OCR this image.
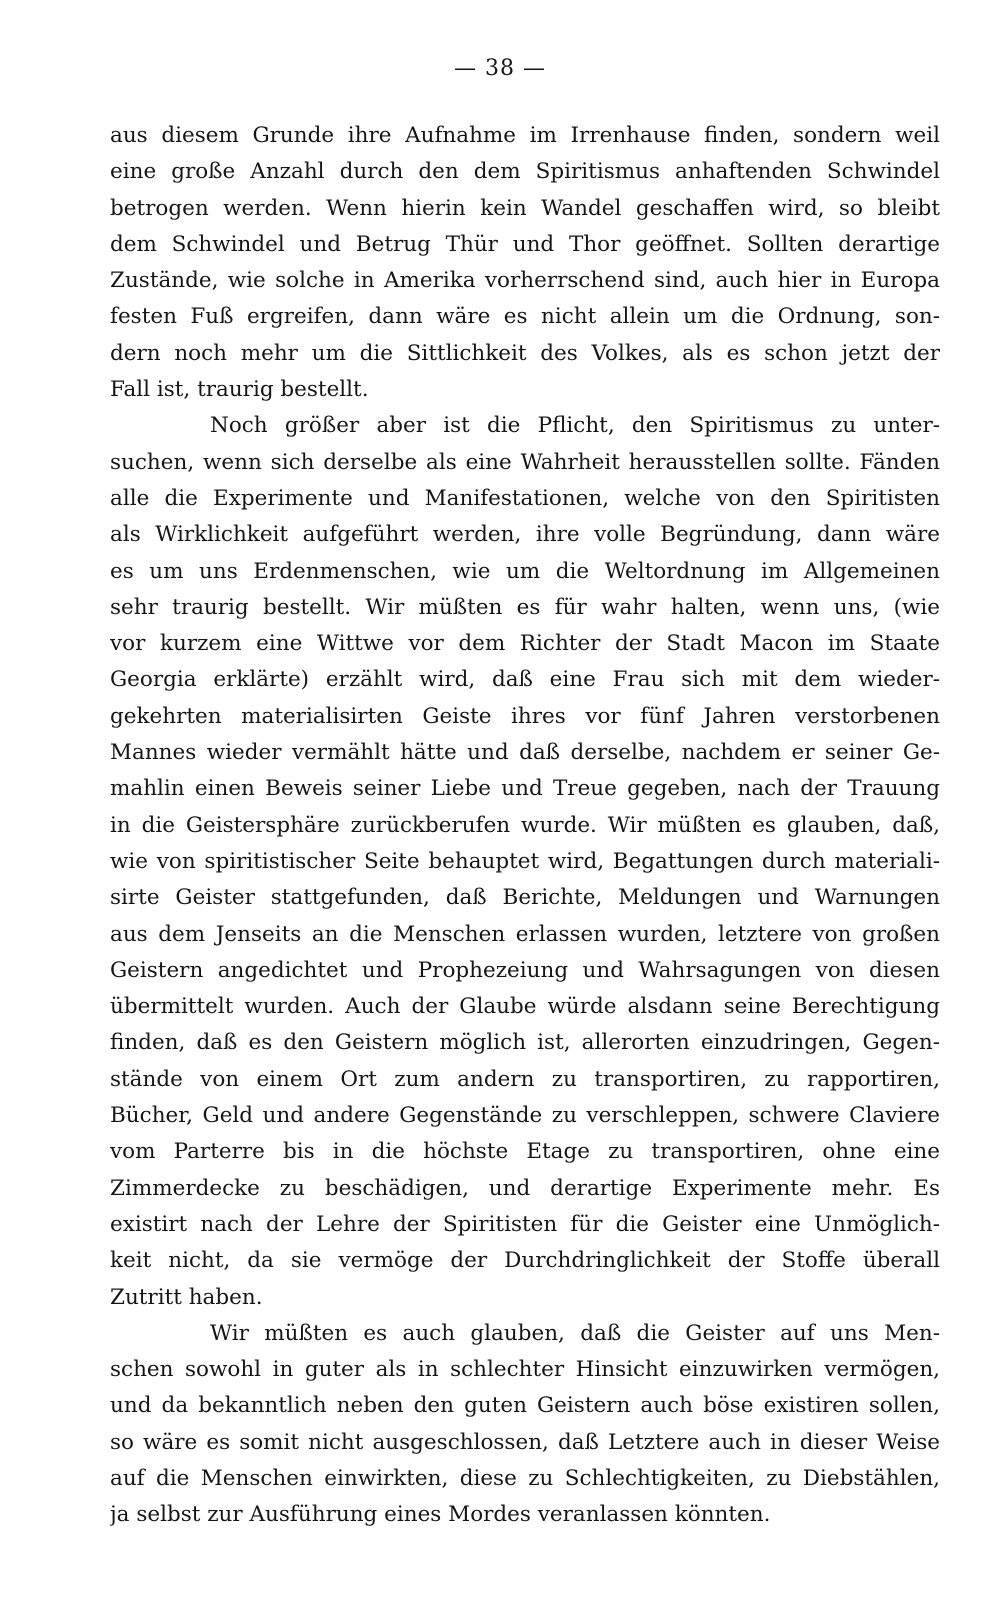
— 38 —
aus diesem Grunde ihre Aufnahme im Irrenhause finden, sondern weil
eine große Anzahl durch den dem Spiritismus anhaftenden Schwindel
betrogen werden. Wenn hierin kein Wandel geschaffen wird, so bleibt
dem Schwindel und Betrug Thür und Thor geöffnet. Sollten derartige
Zustände, wie solche in Amerika vorherrschend sind, auch hier in Europa
festen Fuß ergreifen, dann wäre es nicht allein um die Ordnung, son-
dern noch mehr um die Sittlichkeit des Volkes, als es schon jetzt der
Fall ist, traurig bestellt.
Noch größer aber ist die Pflicht, den Spiritismus zu unter-
suchen, wenn sich derselbe als eine Wahrheit herausstellen sollte. Fänden
alle die Experimente und Manifestationen, welche von den Spiritisten
als Wirklichkeit aufgeführt werden, ihre volle Begründung, dann wäre
es um uns Erdenmenschen, wie um die Weltordnung im Allgemeinen
sehr traurig bestellt. Wir müßten es für wahr halten, wenn uns, (wie
vor kurzem eine Wittwe vor dem Richter der Stadt Macon im Staate
Georgia erklärte) erzählt wird, daß eine Frau sich mit dem wieder-
gekehrten materialisirten Geiste ihres vor fünf Jahren verstorbenen
Mannes wieder vermählt hätte und daß derselbe, nachdem er seiner Ge-
mahlin einen Beweis seiner Liebe und Treue gegeben, nach der Trauung
in die Geistersphäre zurückberufen wurde. Wir müßten es glauben, daß,
wie von spiritistischer Seite behauptet wird, Begattungen durch materiali-
sirte Geister stattgefunden, daß Berichte, Meldungen und Warnungen
aus dem Jenseits an die Menschen erlassen wurden, letztere von großen
Geistern angedichtet und Prophezeiung und Wahrsagungen von diesen
übermittelt wurden. Auch der Glaube würde alsdann seine Berechtigung
finden, daß es den Geistern möglich ist, allerorten einzudringen, Gegen-
stände von einem Ort zum andern zu transportiren, zu rapportiren,
Bücher, Geld und andere Gegenstände zu verschleppen, schwere Claviere
vom Parterre bis in die höchste Etage zu transportiren, ohne eine
Zimmerdecke zu beschädigen, und derartige Experimente mehr. Es
existirt nach der Lehre der Spiritisten für die Geister eine Unmöglich-
keit nicht, da sie vermöge der Durchdringlichkeit der Stoffe überall
Zutritt haben.
Wir müßten es auch glauben, daß die Geister auf uns Men-
schen sowohl in guter als in schlechter Hinsicht einzuwirken vermögen,
und da bekanntlich neben den guten Geistern auch böse existiren sollen,
so wäre es somit nicht ausgeschlossen, daß Letztere auch in dieser Weise
auf die Menschen einwirkten, diese zu Schlechtigkeiten, zu Diebstählen,
ja selbst zur Ausführung eines Mordes veranlassen könnten.
